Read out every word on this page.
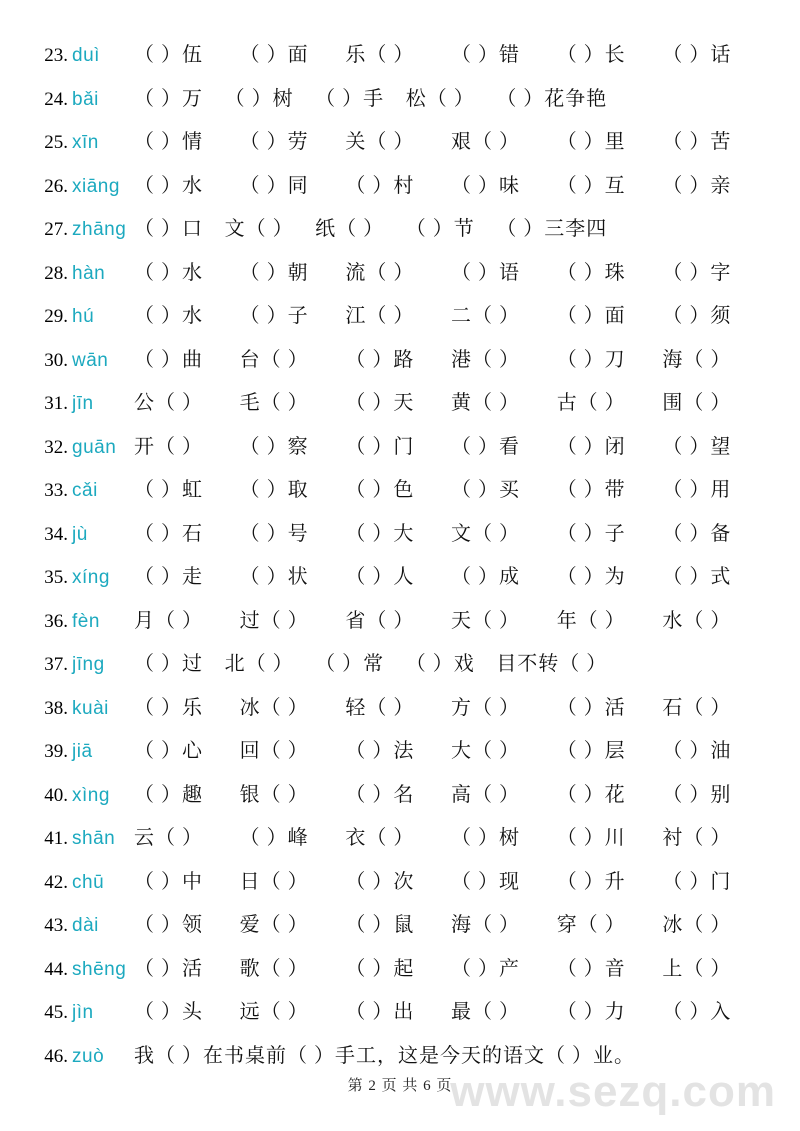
23. duì	（ ）伍	（ ）面	乐（ ）	（ ）错	（ ）长	（ ）话
24. bǎi	（ ）万	（ ）树	（ ）手	松（ ）	（ ）花争艳
25. xīn	（ ）情	（ ）劳	关（ ）	艰（ ）	（ ）里	（ ）苦
26. xiāng （ ）水	（ ）同	（ ）村	（ ）味	（ ）互	（ ）亲
27. zhāng （ ）口	文（ ）	纸（ ）	（ ）节	（ ）三李四
28. hàn	（ ）水	（ ）朝	流（ ）	（ ）语	（ ）珠	（ ）字
29. hú	（ ）水	（ ）子	江（ ）	二（ ）	（ ）面	（ ）须
30. wān	（ ）曲	台（ ）	（ ）路	港（ ）	（ ）刀	海（ ）
31. jīn	公（ ）	毛（ ）	（ ）天	黄（ ）	古（ ）	围（ ）
32. guān 开（ ）	（ ）察	（ ）门	（ ）看	（ ）闭	（ ）望
33. cǎi	（ ）虹	（ ）取	（ ）色	（ ）买	（ ）带	（ ）用
34. jù	（ ）石	（ ）号	（ ）大	文（ ）	（ ）子	（ ）备
35. xíng	（ ）走	（ ）状	（ ）人	（ ）成	（ ）为	（ ）式
36. fèn	月（ ）	过（ ）	省（ ）	天（ ）	年（ ）	水（ ）
37. jīng	（ ）过	北（ ）	（ ）常	（ ）戏	目不转（ ）
38. kuài	（ ）乐	冰（ ）	轻（ ）	方（ ）	（ ）活	石（ ）
39. jiā	（ ）心	回（ ）	（ ）法	大（ ）	（ ）层	（ ）油
40. xìng	（ ）趣	银（ ）	（ ）名	高（ ）	（ ）花	（ ）别
41. shān 云（ ）	（ ）峰	衣（ ）	（ ）树	（ ）川	衬（ ）
42. chū	（ ）中	日（ ）	（ ）次	（ ）现	（ ）升	（ ）门
43. dài	（ ）领	爱（ ）	（ ）鼠	海（ ）	穿（ ）	冰（ ）
44. shēng （ ）活	歌（ ）	（ ）起	（ ）产	（ ）音	上（ ）
45. jìn	（ ）头	远（ ）	（ ）出	最（ ）	（ ）力	（ ）入
46. zuò	我（ ）在书桌前（ ）手工，这是今天的语文（ ）业。
第 2 页 共 6 页
www.sezq.com
